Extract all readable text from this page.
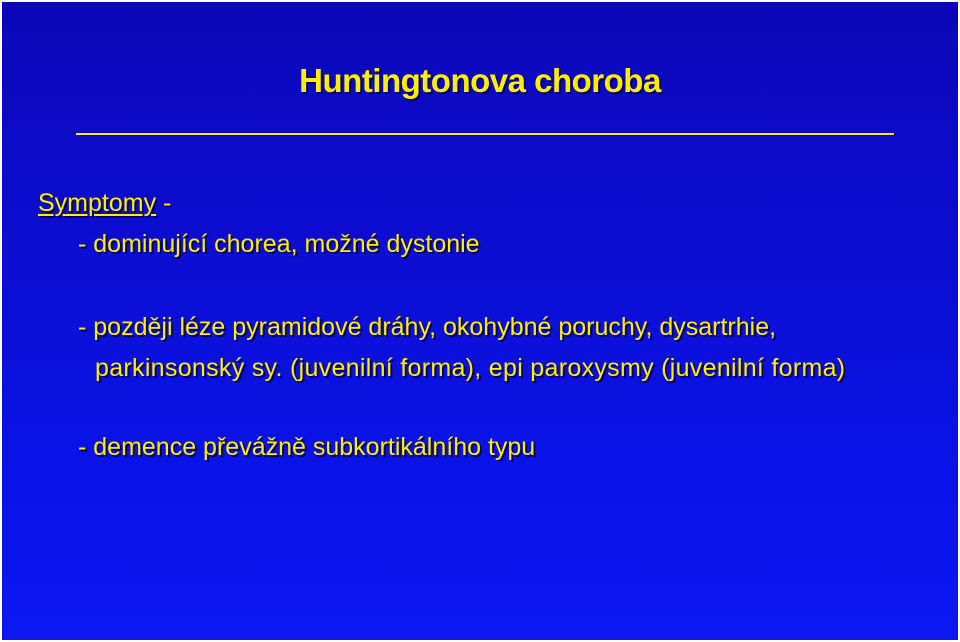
Huntingtonova choroba
Symptomy -
- dominující chorea, možné dystonie
- později léze pyramidové dráhy, okohybné poruchy, dysartrhie,
parkinsonský sy. (juvenilní forma), epi paroxysmy (juvenilní forma)
- demence převážně subkortikálního typu
